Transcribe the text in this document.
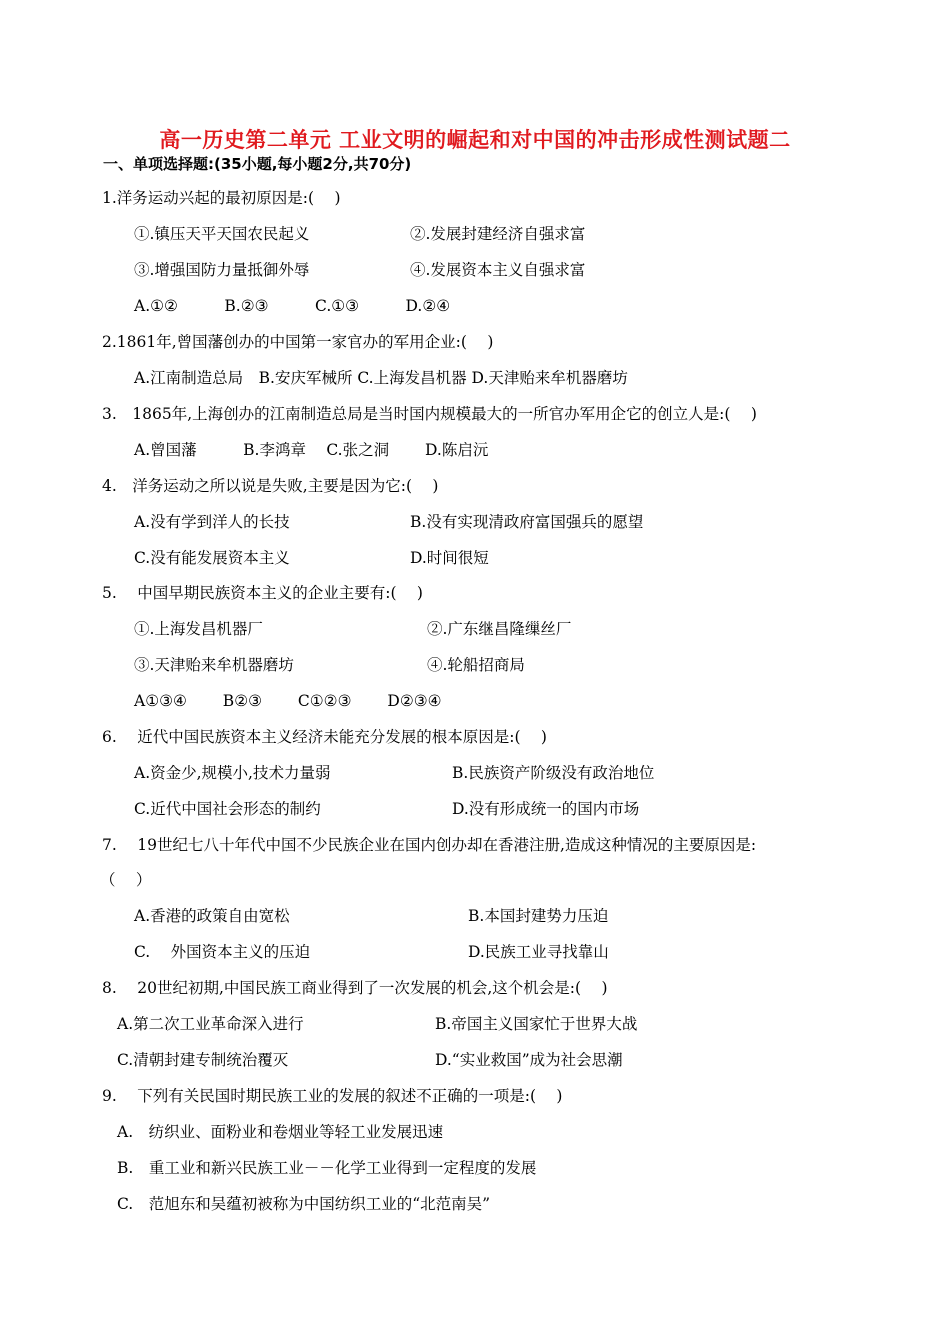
高一历史第二单元 工业文明的崛起和对中国的冲击形成性测试题二
一、单项选择题:(35小题,每小题2分,共70分)
1.洋务运动兴起的最初原因是:(　 )
①.镇压天平天国农民起义	②.发展封建经济自强求富
③.增强国防力量抵御外辱	④.发展资本主义自强求富
A.①②　　　B.②③　　　C.①③　　　D.②④
2.1861年,曾国藩创办的中国第一家官办的军用企业:(　 )
A.江南制造总局　B.安庆军械所 C.上海发昌机器 D.天津贻来牟机器磨坊
3.　1865年,上海创办的江南制造总局是当时国内规模最大的一所官办军用企它的创立人是:(　 )
A.曾国藩　　　B.李鸿章　 C.张之洞　　 D.陈启沅
4.　洋务运动之所以说是失败,主要是因为它:(　 )
A.没有学到洋人的长技	B.没有实现清政府富国强兵的愿望
C.没有能发展资本主义	D.时间很短
5.　 中国早期民族资本主义的企业主要有:(　 )
①.上海发昌机器厂	②.广东继昌隆缫丝厂
③.天津贻来牟机器磨坊	④.轮船招商局
A①③④　　 B②③　　 C①②③　　 D②③④
6.　 近代中国民族资本主义经济未能充分发展的根本原因是:(　 )
A.资金少,规模小,技术力量弱	B.民族资产阶级没有政治地位
C.近代中国社会形态的制约	D.没有形成统一的国内市场
7.　 19世纪七八十年代中国不少民族企业在国内创办却在香港注册,造成这种情况的主要原因是:
（　 ）
A.香港的政策自由宽松	B.本国封建势力压迫
C.　 外国资本主义的压迫	D.民族工业寻找靠山
8.　 20世纪初期,中国民族工商业得到了一次发展的机会,这个机会是:(　 )
A.第二次工业革命深入进行	B.帝国主义国家忙于世界大战
C.清朝封建专制统治覆灭	D.“实业救国”成为社会思潮
9.　 下列有关民国时期民族工业的发展的叙述不正确的一项是:(　 )
A.　纺织业、面粉业和卷烟业等轻工业发展迅速
B.　重工业和新兴民族工业－－化学工业得到一定程度的发展
C.　范旭东和吴蕴初被称为中国纺织工业的“北范南吴”
